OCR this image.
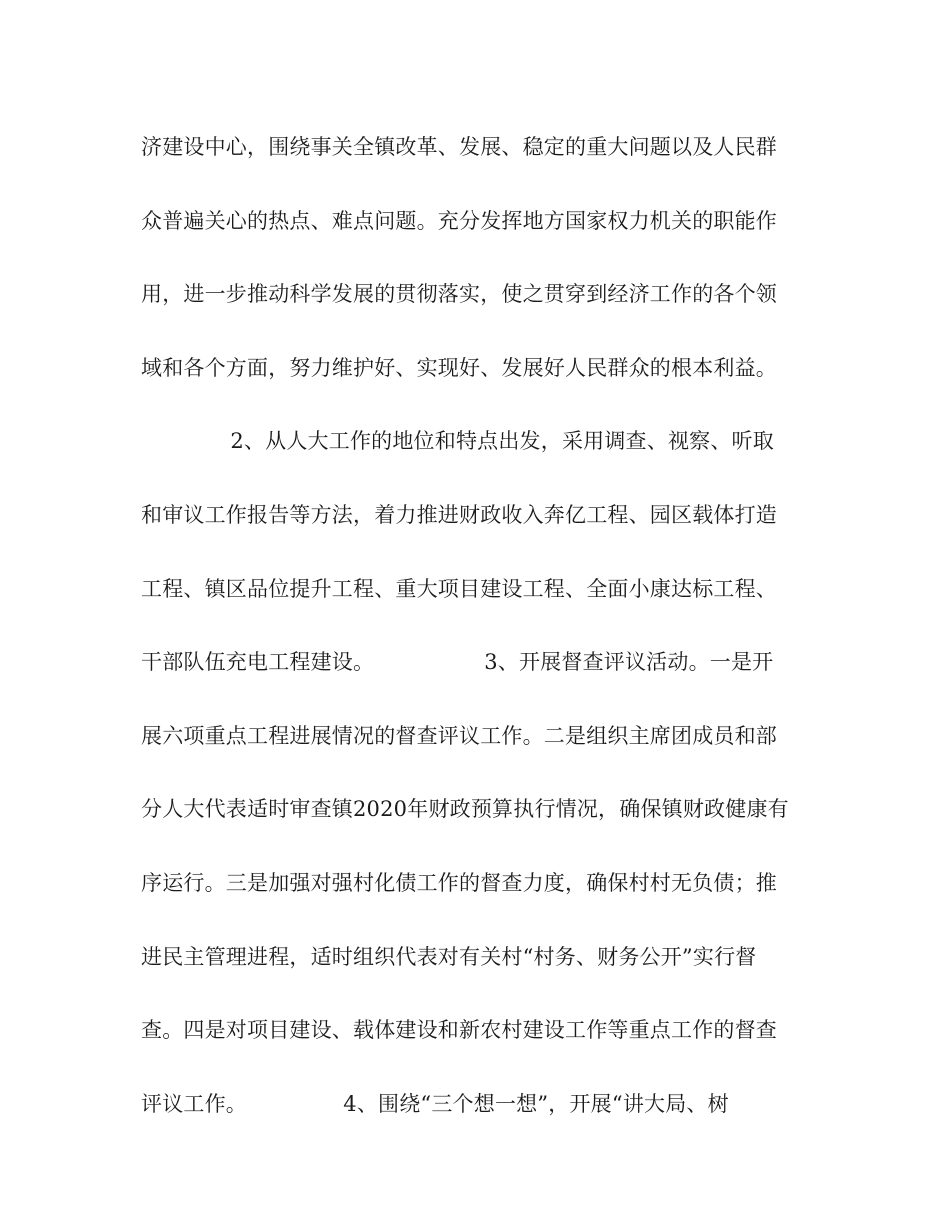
济建设中心，围绕事关全镇改革、发展、稳定的重大问题以及人民群
众普遍关心的热点、难点问题。充分发挥地方国家权力机关的职能作
用，进一步推动科学发展的贯彻落实，使之贯穿到经济工作的各个领
域和各个方面，努力维护好、实现好、发展好人民群众的根本利益。
2、从人大工作的地位和特点出发，采用调查、视察、听取
和审议工作报告等方法，着力推进财政收入奔亿工程、园区载体打造
工程、镇区品位提升工程、重大项目建设工程、全面小康达标工程、
干部队伍充电工程建设。                3、开展督查评议活动。一是开
展六项重点工程进展情况的督查评议工作。二是组织主席团成员和部
分人大代表适时审查镇2020年财政预算执行情况，确保镇财政健康有
序运行。三是加强对强村化债工作的督查力度，确保村村无负债；推
进民主管理进程，适时组织代表对有关村“村务、财务公开”实行督
查。四是对项目建设、载体建设和新农村建设工作等重点工作的督查
评议工作。              4、围绕“三个想一想”，开展“讲大局、树
